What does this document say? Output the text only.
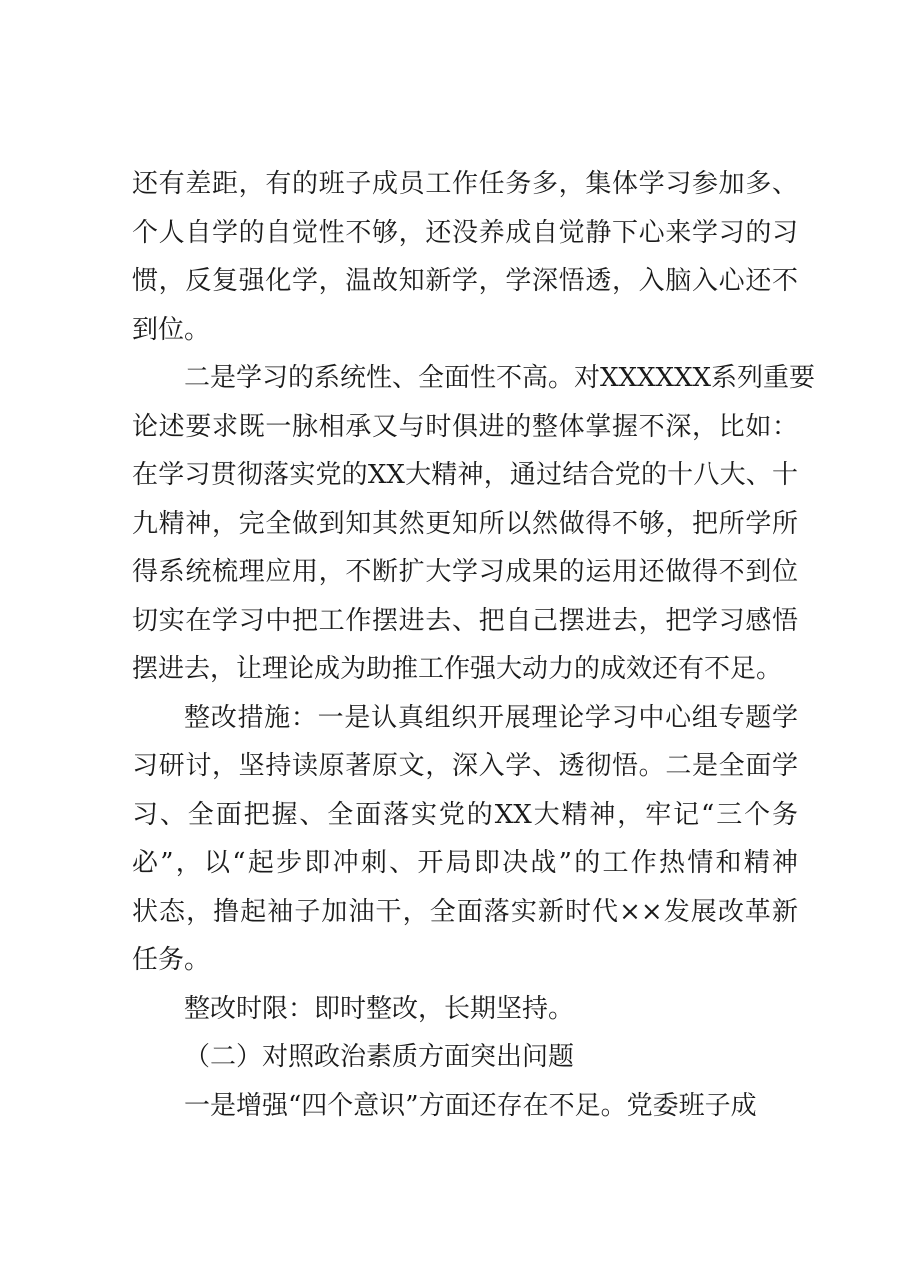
还有差距，有的班子成员工作任务多，集体学习参加多、
个人自学的自觉性不够，还没养成自觉静下心来学习的习
惯，反复强化学，温故知新学，学深悟透，入脑入心还不
到位。
二是学习的系统性、全面性不高。对XXXXXX系列重要
论述要求既一脉相承又与时俱进的整体掌握不深，比如：
在学习贯彻落实党的XX大精神，通过结合党的十八大、十
九精神，完全做到知其然更知所以然做得不够，把所学所
得系统梳理应用，不断扩大学习成果的运用还做得不到位
切实在学习中把工作摆进去、把自己摆进去，把学习感悟
摆进去，让理论成为助推工作强大动力的成效还有不足。
整改措施：一是认真组织开展理论学习中心组专题学
习研讨，坚持读原著原文，深入学、透彻悟。二是全面学
习、全面把握、全面落实党的XX大精神，牢记“三个务
必”，以“起步即冲刺、开局即决战”的工作热情和精神
状态，撸起袖子加油干，全面落实新时代××发展改革新
任务。
整改时限：即时整改，长期坚持。
（二）对照政治素质方面突出问题
一是增强“四个意识”方面还存在不足。党委班子成
